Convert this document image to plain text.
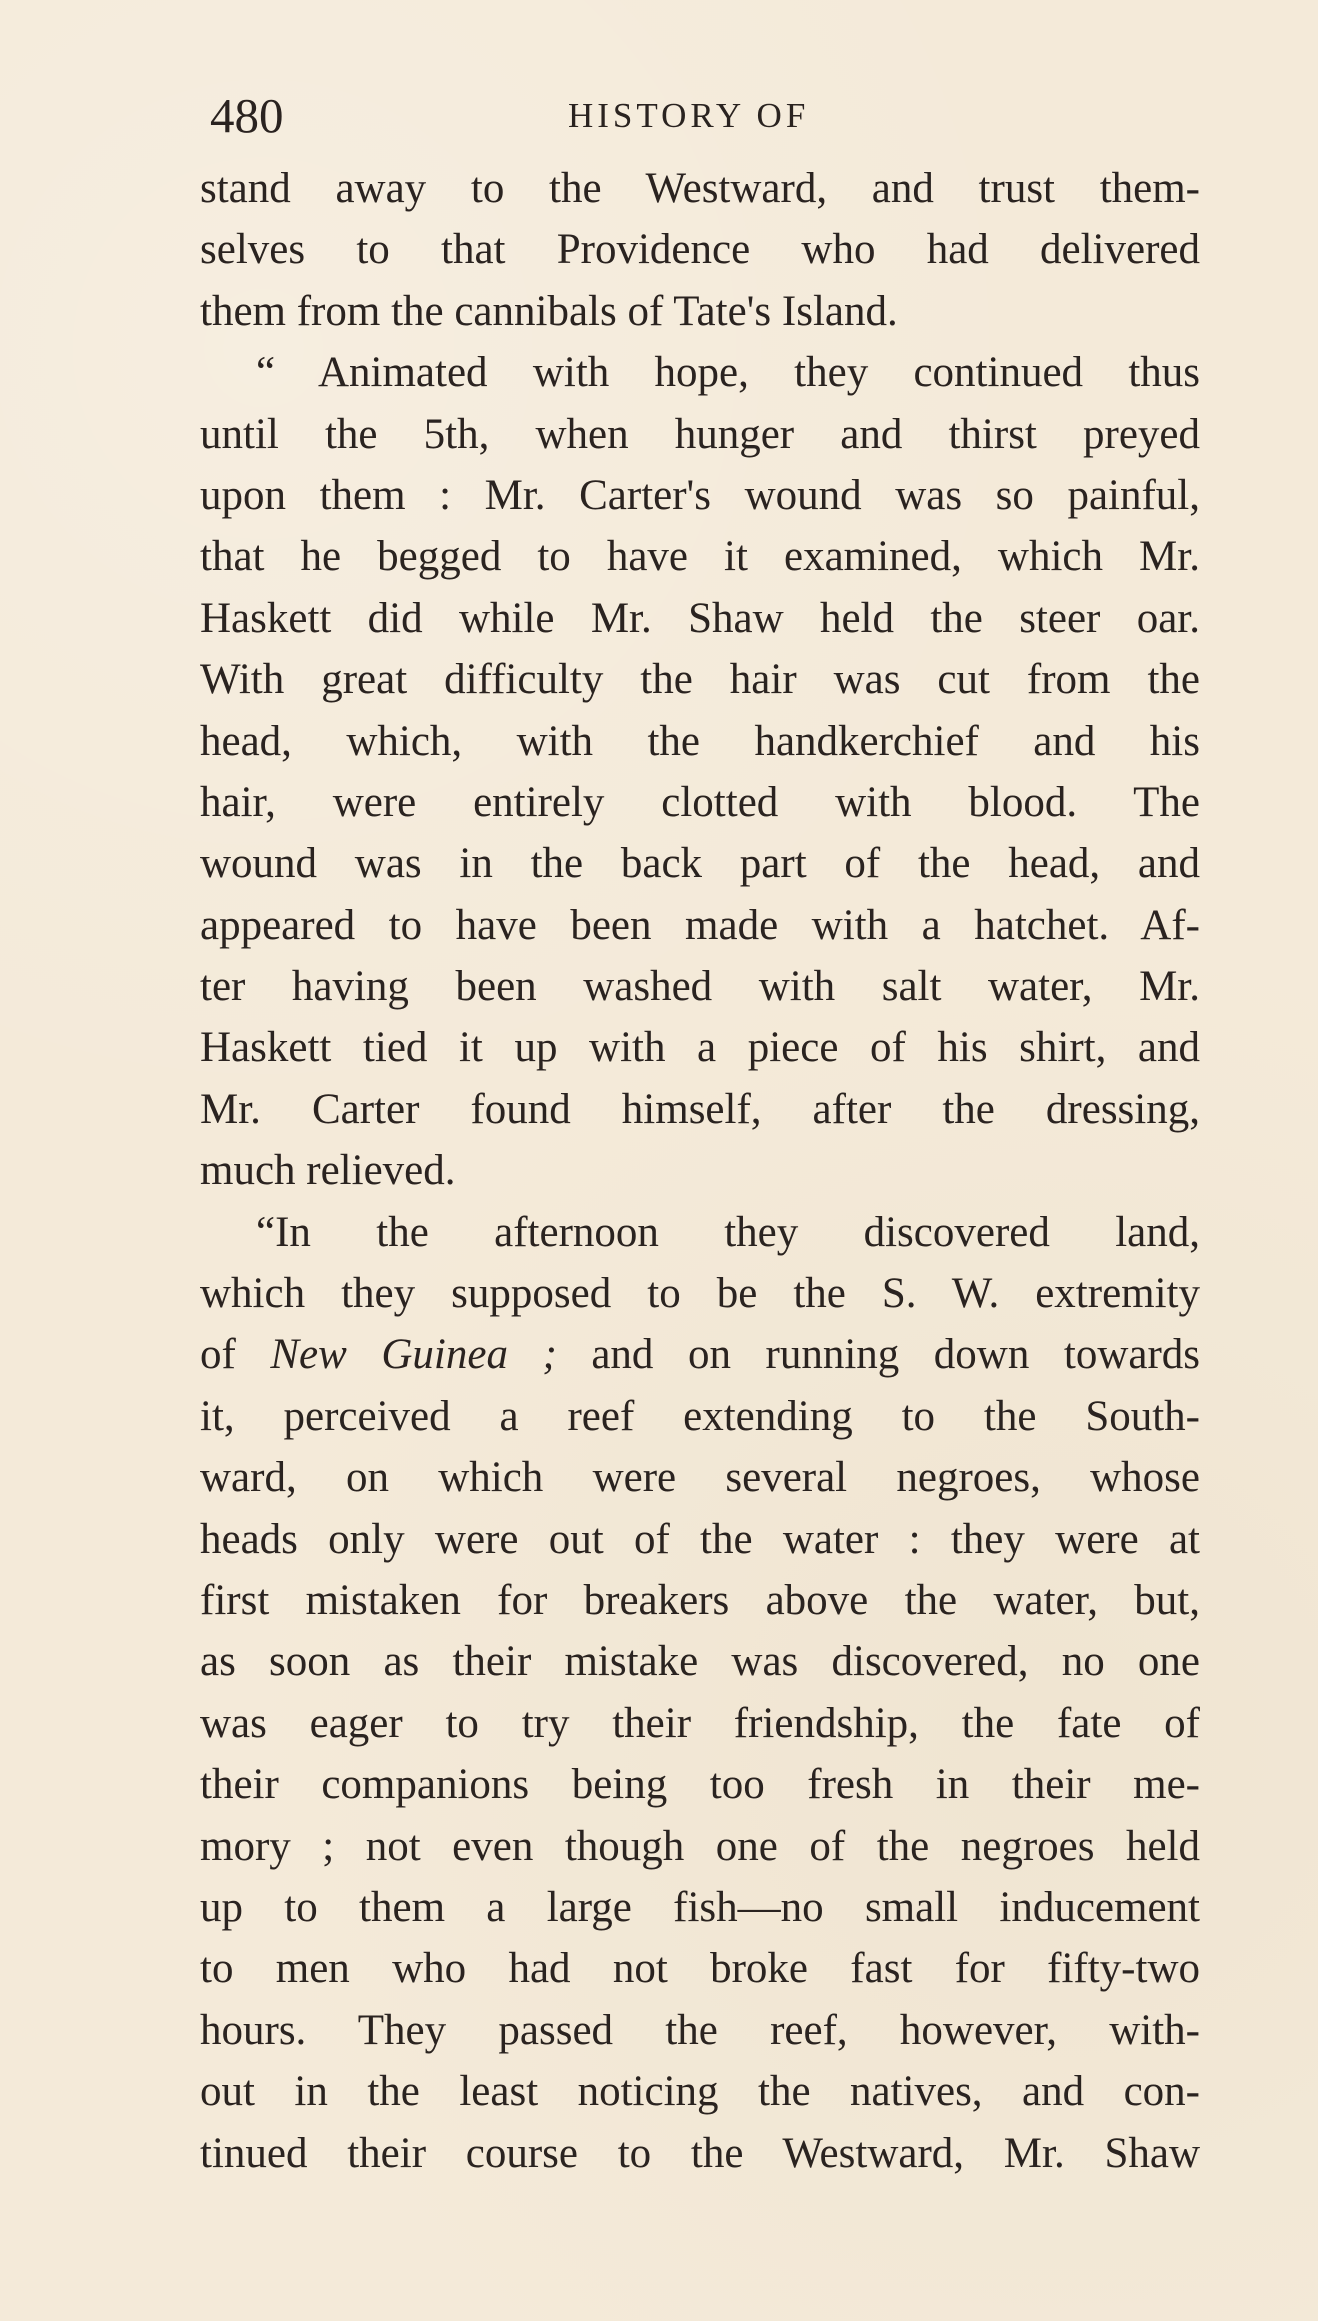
480	HISTORY OF
stand away to the Westward, and trust them-
selves to that Providence who had delivered
them from the cannibals of Tate's Island.
“ Animated with hope, they continued thus
until the 5th, when hunger and thirst preyed
upon them : Mr. Carter's wound was so painful,
that he begged to have it examined, which Mr.
Haskett did while Mr. Shaw held the steer oar.
With great difficulty the hair was cut from the
head, which, with the handkerchief and his
hair, were entirely clotted with blood. The
wound was in the back part of the head, and
appeared to have been made with a hatchet. Af-
ter having been washed with salt water, Mr.
Haskett tied it up with a piece of his shirt, and
Mr. Carter found himself, after the dressing,
much relieved.
“In the afternoon they discovered land,
which they supposed to be the S. W. extremity
of New Guinea ; and on running down towards
it, perceived a reef extending to the South-
ward, on which were several negroes, whose
heads only were out of the water : they were at
first mistaken for breakers above the water, but,
as soon as their mistake was discovered, no one
was eager to try their friendship, the fate of
their companions being too fresh in their me-
mory ; not even though one of the negroes held
up to them a large fish—no small inducement
to men who had not broke fast for fifty-two
hours. They passed the reef, however, with-
out in the least noticing the natives, and con-
tinued their course to the Westward, Mr. Shaw
